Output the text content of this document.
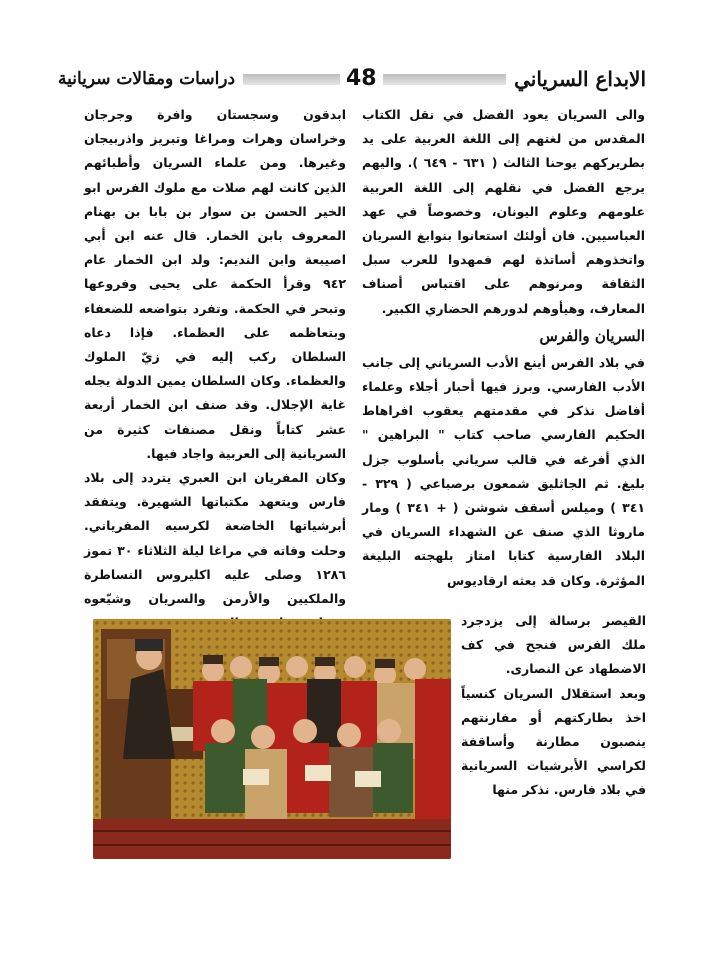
الابداع السرياني
48
دراسات ومقالات سريانية

والى السريان يعود الفضل في نقل الكتاب المقدس من لغتهم إلى اللغة العربية على يد بطريركهم يوحنا الثالث ( ٦٣١ - ٦٤٩ ). واليهم يرجع الفضل في نقلهم إلى اللغة العربية علومهم وعلوم اليونان، وخصوصاً في عهد العباسيين. فان أولئك استعانوا بنوابغ السريان واتخذوهم أساتذة لهم فمهدوا للعرب سبل الثقافة ومرنوهم على اقتباس أصناف المعارف، وهيأوهم لدورهم الحضاري الكبير.

السريان والفرس

في بلاد الفرس أينع الأدب السرياني إلى جانب الأدب الفارسي. وبرز فيها أحبار أجلاء وعلماء أفاضل نذكر في مقدمتهم يعقوب افراهاط الحكيم الفارسي صاحب كتاب " البراهين " الذي أفرغه في قالب سرياني بأسلوب جزل بليغ. ثم الجاثليق شمعون برصباعي ( ٣٢٩ - ٣٤١ ) وميلس أسقف شوشن ( + ٣٤١ ) ومار ماروثا الذي صنف عن الشهداء السريان في البلاد الفارسية كتابا امتاز بلهجته البليغة المؤثرة. وكان قد بعثه ارقاديوس

القيصر برسالة إلى يزدجرد ملك الفرس فنجح في كف الاضطهاد عن النصارى.

وبعد استقلال السريان كنسياً اخذ بطاركتهم أو مفارنتهم ينصبون مطارنة وأساقفة لكراسي الأبرشيات السريانية في بلاد فارس. نذكر منها

ابدقون وسجستان وافرة وجرجان وخراسان وهرات ومراغا وتبريز واذربيجان وغيرها. ومن علماء السريان وأطبائهم الذين كانت لهم صلات مع ملوك الفرس ابو الخير الحسن بن سوار بن بابا بن بهنام المعروف بابن الخمار. قال عنه ابن أبي اصيبعة وابن النديم: ولد ابن الخمار عام ٩٤٢ وقرأ الحكمة على يحيى وفروعها وتبحر في الحكمة. وتفرد بتواضعه للضعفاء وبتعاظمه على العظماء. فإذا دعاه السلطان ركب إليه في زيّ الملوك والعظماء. وكان السلطان يمين الدولة يجله غاية الإجلال. وقد صنف ابن الخمار أربعة عشر كتاباً ونقل مصنفات كثيرة من السريانية إلى العربية واجاد فيها.

وكان المفريان ابن العبري يتردد إلى بلاد فارس ويتعهد مكتباتها الشهيرة. ويتفقد أبرشياتها الخاضعة لكرسيه المفرياني. وحلت وفاته في مراغا ليلة الثلاثاء ٣٠ تموز ١٢٨٦ وصلى عليه اكليروس النساطرة والملكيين والأرمن والسريان وشيّعوه
